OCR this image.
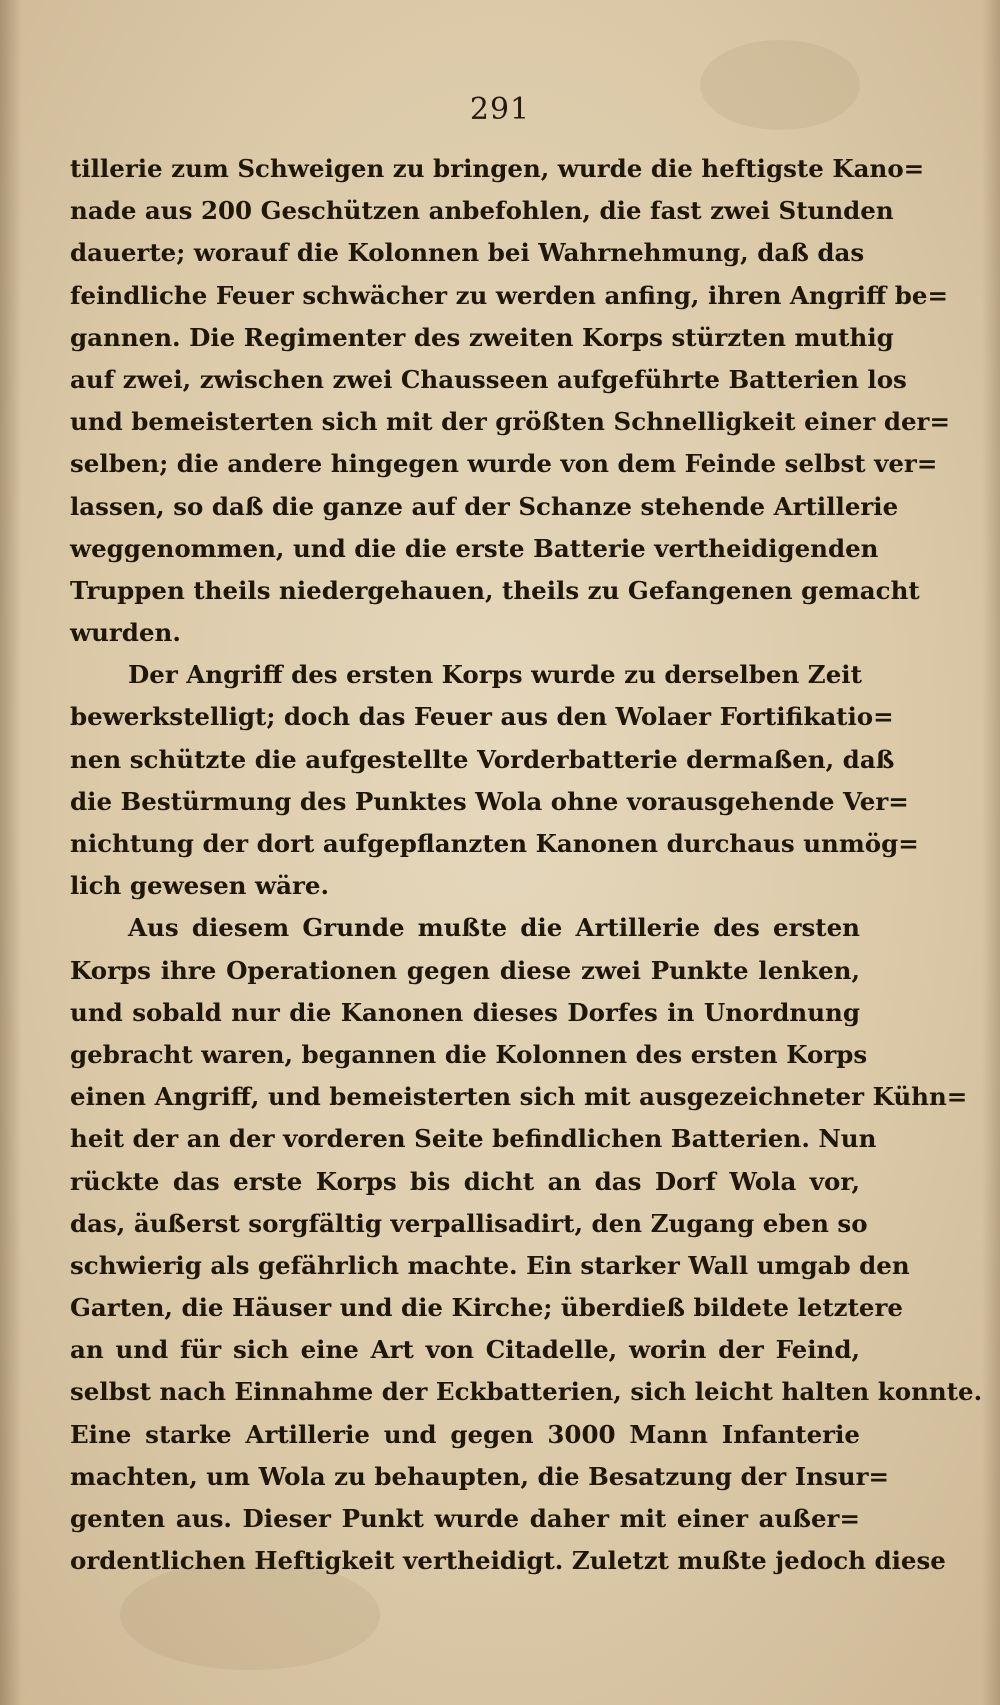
291
tillerie zum Schweigen zu bringen, wurde die heftigste Kano=
nade aus 200 Geschützen anbefohlen, die fast zwei Stunden
dauerte; worauf die Kolonnen bei Wahrnehmung, daß das
feindliche Feuer schwächer zu werden anfing, ihren Angriff be=
gannen. Die Regimenter des zweiten Korps stürzten muthig
auf zwei, zwischen zwei Chausseen aufgeführte Batterien los
und bemeisterten sich mit der größten Schnelligkeit einer der=
selben; die andere hingegen wurde von dem Feinde selbst ver=
lassen, so daß die ganze auf der Schanze stehende Artillerie
weggenommen, und die die erste Batterie vertheidigenden
Truppen theils niedergehauen, theils zu Gefangenen gemacht
wurden.
Der Angriff des ersten Korps wurde zu derselben Zeit
bewerkstelligt; doch das Feuer aus den Wolaer Fortifikatio=
nen schützte die aufgestellte Vorderbatterie dermaßen, daß
die Bestürmung des Punktes Wola ohne vorausgehende Ver=
nichtung der dort aufgepflanzten Kanonen durchaus unmög=
lich gewesen wäre.
Aus diesem Grunde mußte die Artillerie des ersten
Korps ihre Operationen gegen diese zwei Punkte lenken,
und sobald nur die Kanonen dieses Dorfes in Unordnung
gebracht waren, begannen die Kolonnen des ersten Korps
einen Angriff, und bemeisterten sich mit ausgezeichneter Kühn=
heit der an der vorderen Seite befindlichen Batterien. Nun
rückte das erste Korps bis dicht an das Dorf Wola vor,
das, äußerst sorgfältig verpallisadirt, den Zugang eben so
schwierig als gefährlich machte. Ein starker Wall umgab den
Garten, die Häuser und die Kirche; überdieß bildete letztere
an und für sich eine Art von Citadelle, worin der Feind,
selbst nach Einnahme der Eckbatterien, sich leicht halten konnte.
Eine starke Artillerie und gegen 3000 Mann Infanterie
machten, um Wola zu behaupten, die Besatzung der Insur=
genten aus. Dieser Punkt wurde daher mit einer außer=
ordentlichen Heftigkeit vertheidigt. Zuletzt mußte jedoch diese
